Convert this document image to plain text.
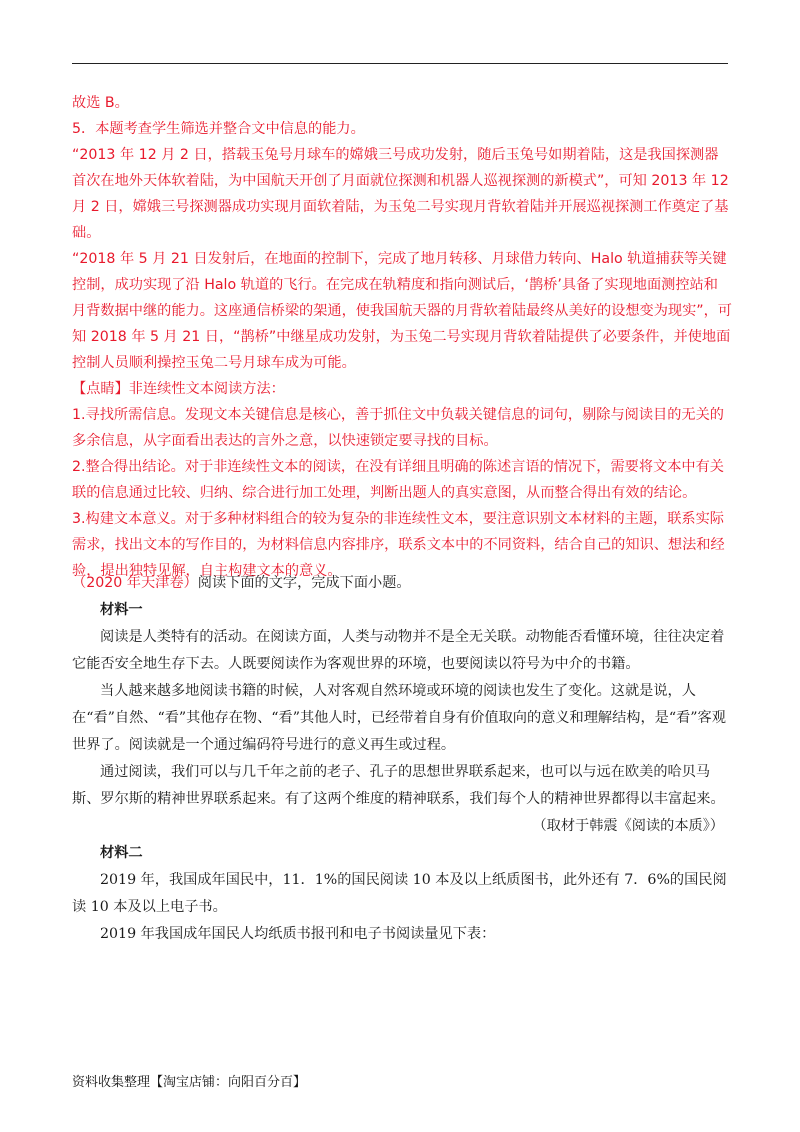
故选 B。

5．本题考查学生筛选并整合文中信息的能力。

“2013 年 12 月 2 日，搭载玉兔号月球车的嫦娥三号成功发射，随后玉兔号如期着陆，这是我国探测器首次在地外天体软着陆，为中国航天开创了月面就位探测和机器人巡视探测的新模式”，可知 2013 年 12 月 2 日，嫦娥三号探测器成功实现月面软着陆，为玉兔二号实现月背软着陆并开展巡视探测工作奠定了基础。

“2018 年 5 月 21 日发射后，在地面的控制下，完成了地月转移、月球借力转向、Halo 轨道捕获等关键控制，成功实现了沿 Halo 轨道的飞行。在完成在轨精度和指向测试后，‘鹊桥’具备了实现地面测控站和月背数据中继的能力。这座通信桥梁的架通，使我国航天器的月背软着陆最终从美好的设想变为现实”，可知 2018 年 5 月 21 日，“鹊桥”中继星成功发射，为玉兔二号实现月背软着陆提供了必要条件，并使地面控制人员顺利操控玉兔二号月球车成为可能。

【点睛】非连续性文本阅读方法：

1.寻找所需信息。发现文本关键信息是核心，善于抓住文中负载关键信息的词句，剔除与阅读目的无关的多余信息，从字面看出表达的言外之意，以快速锁定要寻找的目标。

2.整合得出结论。对于非连续性文本的阅读，在没有详细且明确的陈述言语的情况下，需要将文本中有关联的信息通过比较、归纳、综合进行加工处理，判断出题人的真实意图，从而整合得出有效的结论。

3.构建文本意义。对于多种材料组合的较为复杂的非连续性文本，要注意识别文本材料的主题，联系实际需求，找出文本的写作目的，为材料信息内容排序，联系文本中的不同资料，结合自己的知识、想法和经验，提出独特见解，自主构建文本的意义。

（2020 年天津卷）阅读下面的文字，完成下面小题。

材料一

阅读是人类特有的活动。在阅读方面，人类与动物并不是全无关联。动物能否看懂环境，往往决定着它能否安全地生存下去。人既要阅读作为客观世界的环境，也要阅读以符号为中介的书籍。

当人越来越多地阅读书籍的时候，人对客观自然环境或环境的阅读也发生了变化。这就是说，人在“看”自然、“看”其他存在物、“看”其他人时，已经带着自身有价值取向的意义和理解结构，是“看”客观世界了。阅读就是一个通过编码符号进行的意义再生或过程。

通过阅读，我们可以与几千年之前的老子、孔子的思想世界联系起来，也可以与远在欧美的哈贝马斯、罗尔斯的精神世界联系起来。有了这两个维度的精神联系，我们每个人的精神世界都得以丰富起来。

（取材于韩震《阅读的本质》）

材料二

2019 年，我国成年国民中，11．1%的国民阅读 10 本及以上纸质图书，此外还有 7．6%的国民阅读 10 本及以上电子书。

2019 年我国成年国民人均纸质书报刊和电子书阅读量见下表：

资料收集整理【淘宝店铺：向阳百分百】
